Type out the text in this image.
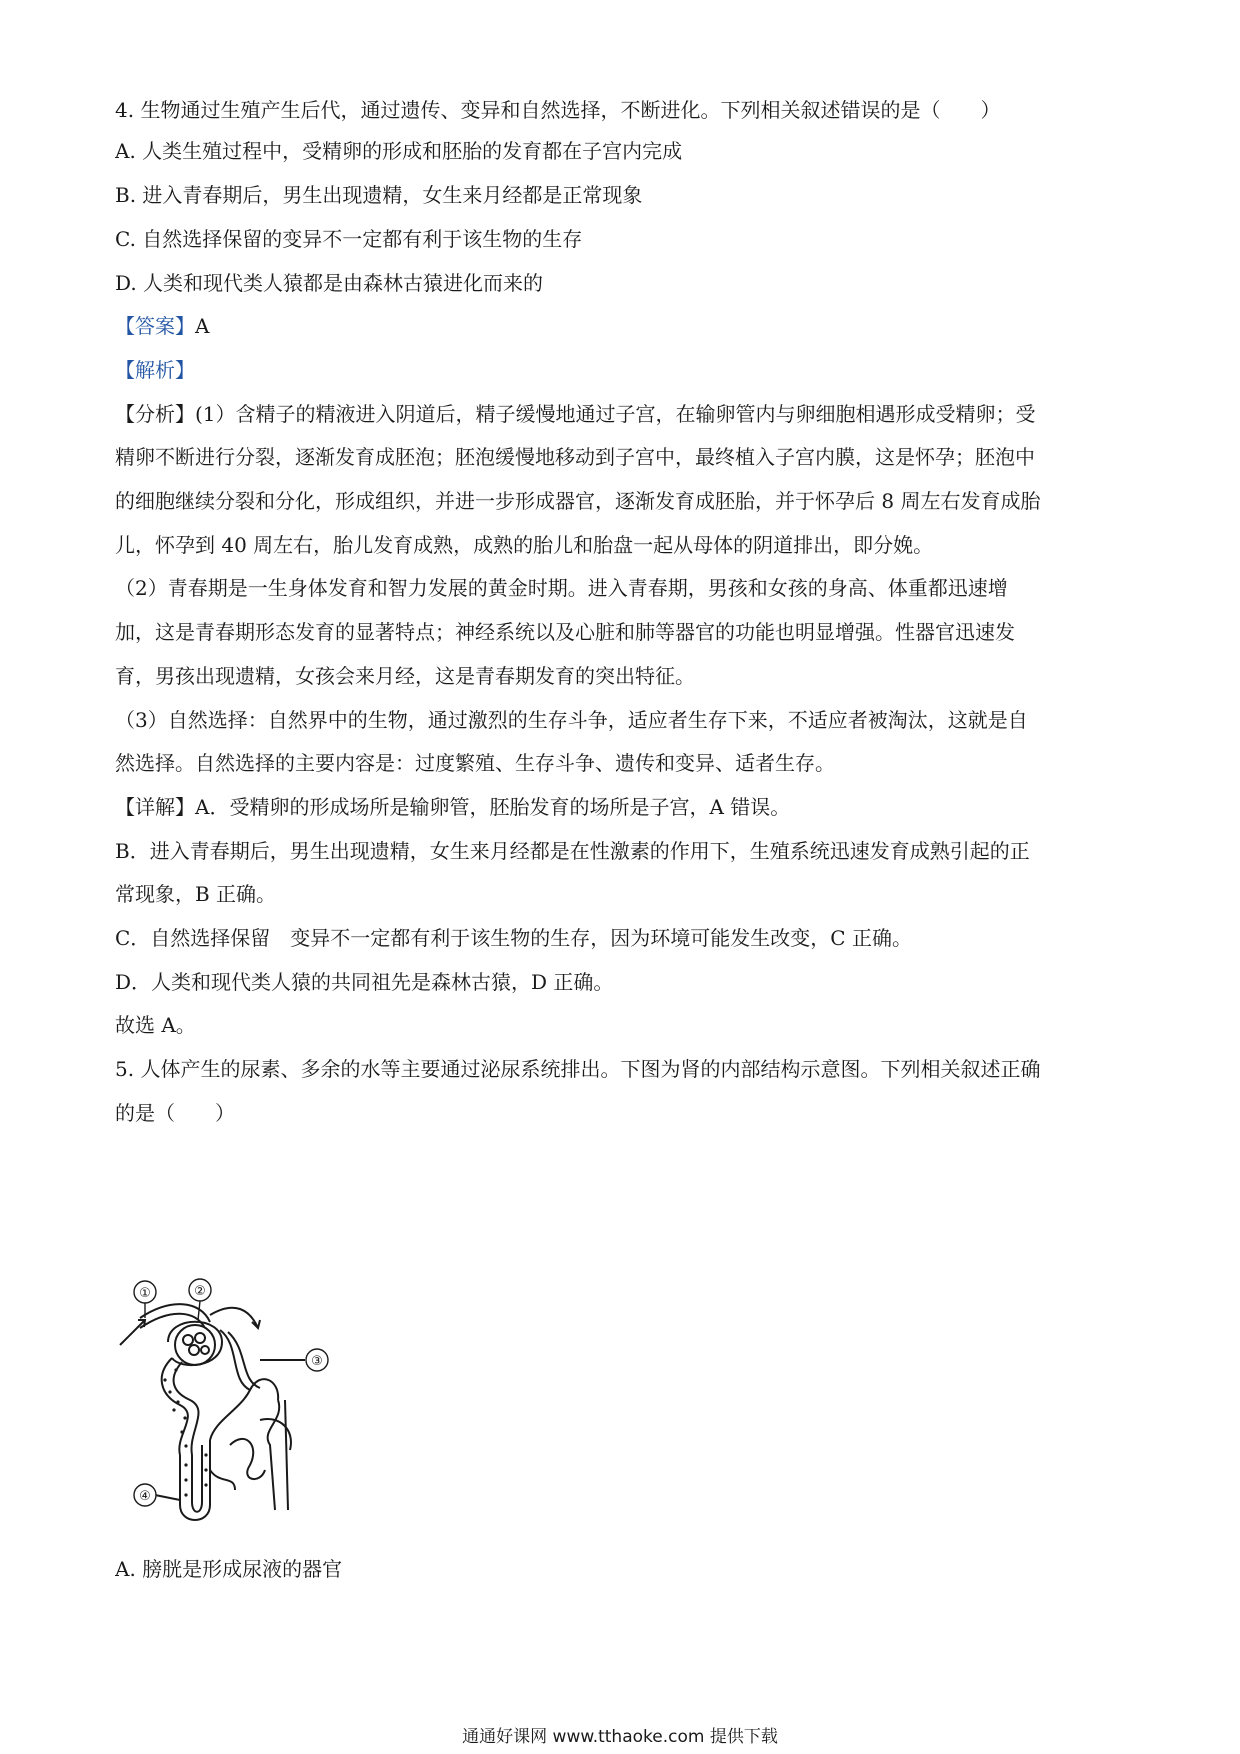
4. 生物通过生殖产生后代，通过遗传、变异和自然选择，不断进化。下列相关叙述错误的是（　　）
A. 人类生殖过程中，受精卵的形成和胚胎的发育都在子宫内完成
B. 进入青春期后，男生出现遗精，女生来月经都是正常现象
C. 自然选择保留的变异不一定都有利于该生物的生存
D. 人类和现代类人猿都是由森林古猿进化而来的
【答案】A
【解析】
【分析】(1）含精子的精液进入阴道后，精子缓慢地通过子宫，在输卵管内与卵细胞相遇形成受精卵；受
精卵不断进行分裂，逐渐发育成胚泡；胚泡缓慢地移动到子宫中，最终植入子宫内膜，这是怀孕；胚泡中
的细胞继续分裂和分化，形成组织，并进一步形成器官，逐渐发育成胚胎，并于怀孕后 8 周左右发育成胎
儿，怀孕到 40 周左右，胎儿发育成熟，成熟的胎儿和胎盘一起从母体的阴道排出，即分娩。
（2）青春期是一生身体发育和智力发展的黄金时期。进入青春期，男孩和女孩的身高、体重都迅速增
加，这是青春期形态发育的显著特点；神经系统以及心脏和肺等器官的功能也明显增强。性器官迅速发
育，男孩出现遗精，女孩会来月经，这是青春期发育的突出特征。
（3）自然选择：自然界中的生物，通过激烈的生存斗争，适应者生存下来，不适应者被淘汰，这就是自
然选择。自然选择的主要内容是：过度繁殖、生存斗争、遗传和变异、适者生存。
【详解】A．受精卵的形成场所是输卵管，胚胎发育的场所是子宫，A 错误。
B．进入青春期后，男生出现遗精，女生来月经都是在性激素的作用下，生殖系统迅速发育成熟引起的正
常现象，B 正确。
C．自然选择保留　变异不一定都有利于该生物的生存，因为环境可能发生改变，C 正确。
D．人类和现代类人猿的共同祖先是森林古猿，D 正确。
故选 A。
5. 人体产生的尿素、多余的水等主要通过泌尿系统排出。下图为肾的内部结构示意图。下列相关叙述正确
的是（　　）
①	②
③
④
A. 膀胱是形成尿液的器官
通通好课网 www.tthaoke.com 提供下载
